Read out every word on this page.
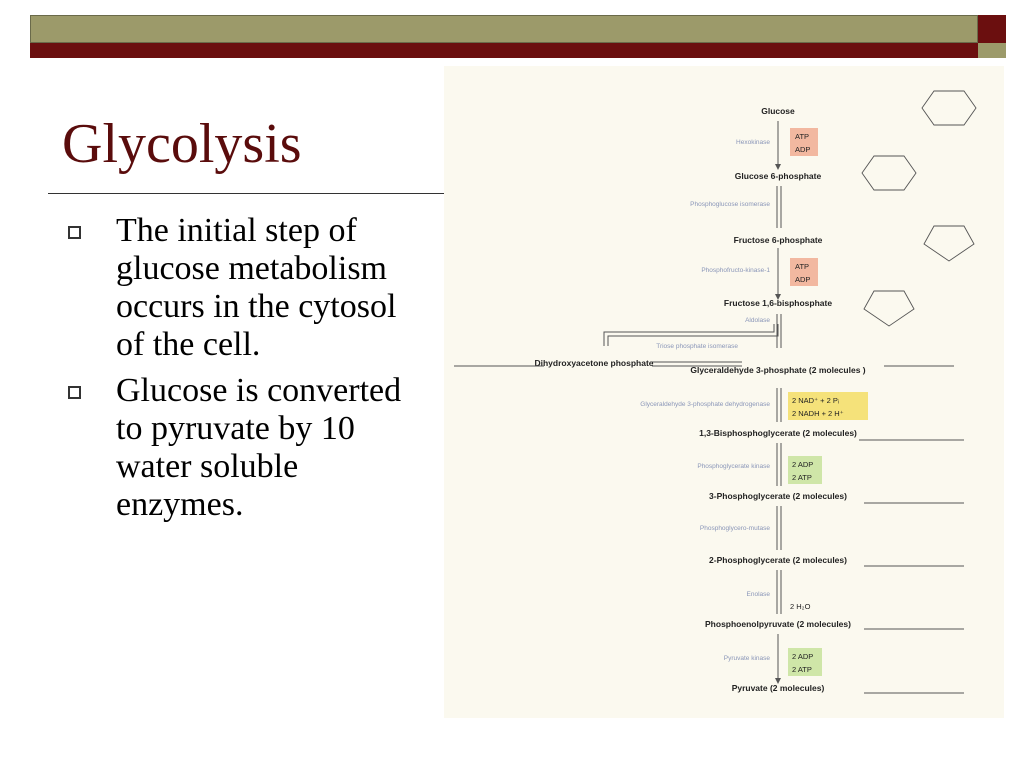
Glycolysis
The initial step of glucose metabolism occurs in the cytosol of the cell.
Glucose is converted to pyruvate by 10 water soluble enzymes.
ATP
ADP
ATP
ADP
2 NAD⁺ + 2 Pᵢ
2 NADH + 2 H⁺
2 ADP
2 ATP
2 H₂O
2 ADP
2 ATP
Hexokinase
Phosphoglucose isomerase
Phosphofructo-kinase-1
Aldolase
Triose phosphate isomerase
Glyceraldehyde 3-phosphate dehydrogenase
Phosphoglycerate kinase
Phosphoglycero-mutase
Enolase
Pyruvate kinase
Glucose
Glucose 6-phosphate
Fructose 6-phosphate
Fructose 1,6-bisphosphate
Glyceraldehyde 3-phosphate (2 molecules )
1,3-Bisphosphoglycerate (2 molecules)
3-Phosphoglycerate (2 molecules)
2-Phosphoglycerate (2 molecules)
Phosphoenolpyruvate (2 molecules)
Pyruvate (2 molecules)
Dihydroxyacetone phosphate
